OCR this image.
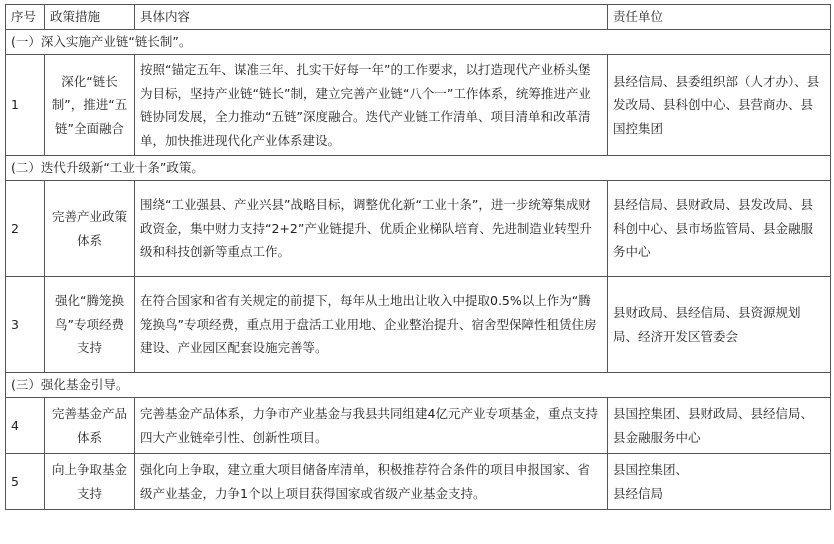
序号	政策措施	具体内容	责任单位
(一）深入实施产业链“链长制”。			
1	深化“链长制”，推进“五链”全面融合	按照“锚定五年、谋准三年、扎实干好每一年”的工作要求，以打造现代产业桥头堡为目标，坚持产业链“链长”制，建立完善产业链“八个一”工作体系，统筹推进产业链协同发展，全力推动“五链”深度融合。迭代产业链工作清单、项目清单和改革清单，加快推进现代化产业体系建设。	县经信局、县委组织部（人才办）、县发改局、县科创中心、县营商办、县国控集团
(二）迭代升级新“工业十条”政策。			
2	完善产业政策体系	围绕“工业强县、产业兴县”战略目标，调整优化新“工业十条”，进一步统筹集成财政资金，集中财力支持“2+2”产业链提升、优质企业梯队培育、先进制造业转型升级和科技创新等重点工作。	县经信局、县财政局、县发改局、县科创中心、县市场监管局、县金融服务中心
3	强化“腾笼换鸟”专项经费支持	在符合国家和省有关规定的前提下，每年从土地出让收入中提取0.5%以上作为“腾笼换鸟”专项经费，重点用于盘活工业用地、企业整治提升、宿舍型保障性租赁住房建设、产业园区配套设施完善等。	县财政局、县经信局、县资源规划局、经济开发区管委会
(三）强化基金引导。			
4	完善基金产品体系	完善基金产品体系，力争市产业基金与我县共同组建4亿元产业专项基金，重点支持四大产业链牵引性、创新性项目。	县国控集团、县财政局、县经信局、县金融服务中心
5	向上争取基金支持	强化向上争取，建立重大项目储备库清单，积极推荐符合条件的项目申报国家、省级产业基金，力争1个以上项目获得国家或省级产业基金支持。	县国控集团、
县经信局
